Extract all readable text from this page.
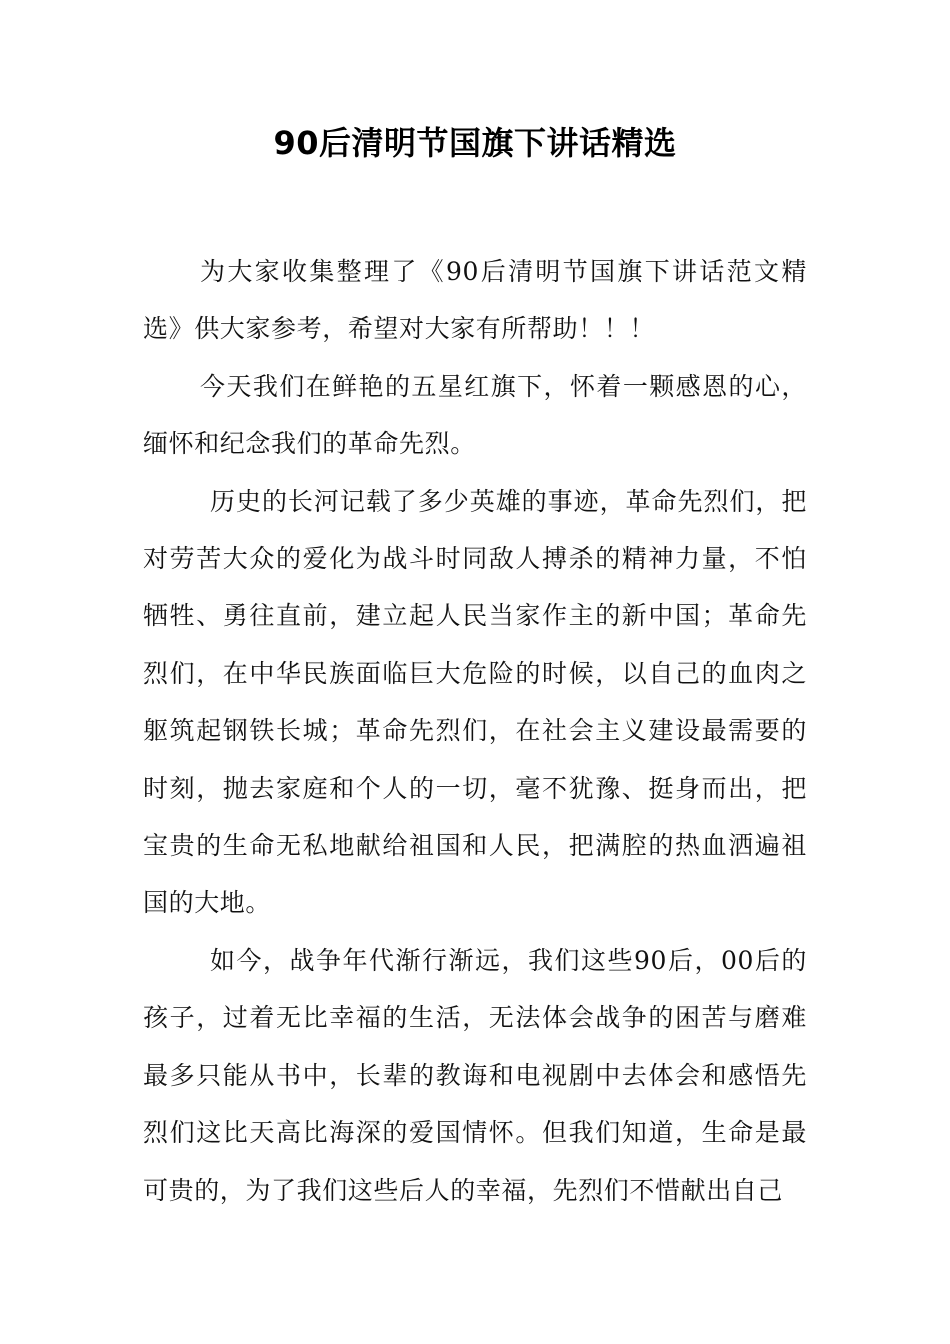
90后清明节国旗下讲话精选

为大家收集整理了《90后清明节国旗下讲话范文精选》供大家参考，希望对大家有所帮助！！！

今天我们在鲜艳的五星红旗下，怀着一颗感恩的心，缅怀和纪念我们的革命先烈。

历史的长河记载了多少英雄的事迹，革命先烈们，把对劳苦大众的爱化为战斗时同敌人搏杀的精神力量，不怕牺牲、勇往直前，建立起人民当家作主的新中国；革命先烈们，在中华民族面临巨大危险的时候，以自己的血肉之躯筑起钢铁长城；革命先烈们，在社会主义建设最需要的时刻，抛去家庭和个人的一切，毫不犹豫、挺身而出，把宝贵的生命无私地献给祖国和人民，把满腔的热血洒遍祖国的大地。

如今，战争年代渐行渐远，我们这些90后，00后的孩子，过着无比幸福的生活，无法体会战争的困苦与磨难最多只能从书中，长辈的教诲和电视剧中去体会和感悟先烈们这比天高比海深的爱国情怀。但我们知道，生命是最可贵的，为了我们这些后人的幸福，先烈们不惜献出自己
